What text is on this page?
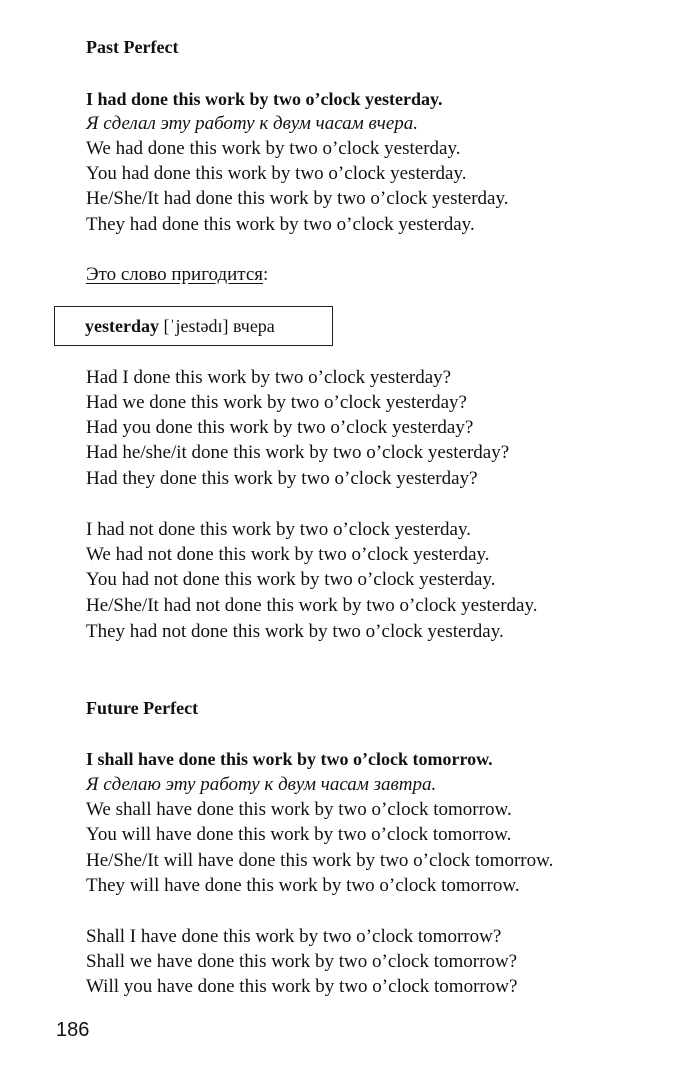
Past Perfect
I had done this work by two o’clock yesterday.
Я сделал эту работу к двум часам вчера.
We had done this work by two o’clock yesterday.
You had done this work by two o’clock yesterday.
He/She/It had done this work by two o’clock yesterday.
They had done this work by two o’clock yesterday.
Это слово пригодится:
yesterday [ˈjestədɪ] вчера
Had I done this work by two o’clock yesterday?
Had we done this work by two o’clock yesterday?
Had you done this work by two o’clock yesterday?
Had he/she/it done this work by two o’clock yesterday?
Had they done this work by two o’clock yesterday?
I had not done this work by two o’clock yesterday.
We had not done this work by two o’clock yesterday.
You had not done this work by two o’clock yesterday.
He/She/It had not done this work by two o’clock yesterday.
They had not done this work by two o’clock yesterday.
Future Perfect
I shall have done this work by two o’clock tomorrow.
Я сделаю эту работу к двум часам завтра.
We shall have done this work by two o’clock tomorrow.
You will have done this work by two o’clock tomorrow.
He/She/It will have done this work by two o’clock tomorrow.
They will have done this work by two o’clock tomorrow.
Shall I have done this work by two o’clock tomorrow?
Shall we have done this work by two o’clock tomorrow?
Will you have done this work by two o’clock tomorrow?
186
